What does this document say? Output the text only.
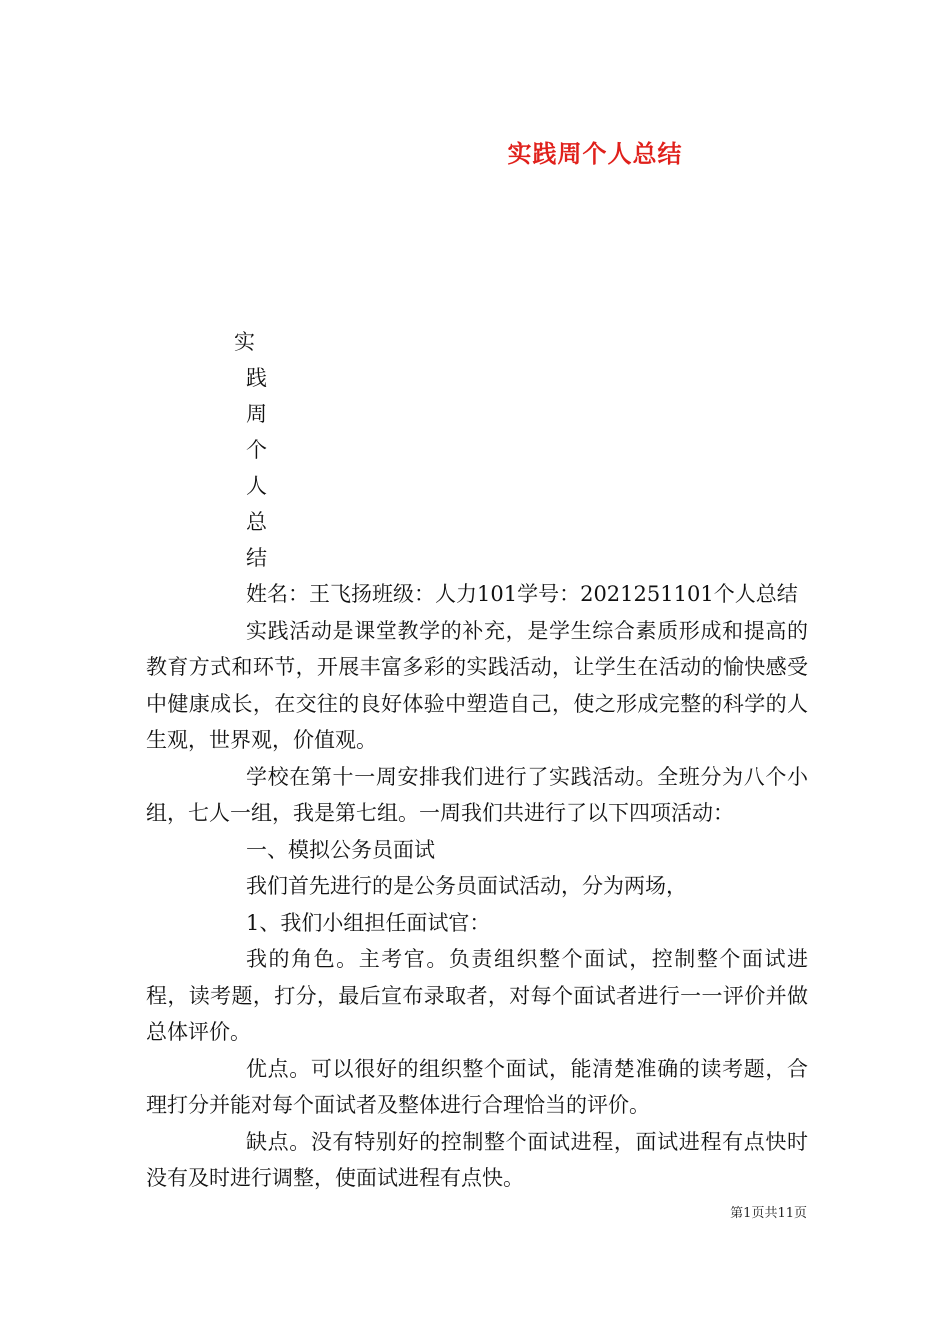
实践周个人总结
实
践
周
个
人
总
结

姓名：王飞扬班级：人力101学号：2021251101个人总结

实践活动是课堂教学的补充，是学生综合素质形成和提高的教育方式和环节，开展丰富多彩的实践活动，让学生在活动的愉快感受中健康成长，在交往的良好体验中塑造自己，使之形成完整的科学的人生观，世界观，价值观。

学校在第十一周安排我们进行了实践活动。全班分为八个小组，七人一组，我是第七组。一周我们共进行了以下四项活动：

一、模拟公务员面试

我们首先进行的是公务员面试活动，分为两场，

1、我们小组担任面试官：

我的角色。主考官。负责组织整个面试，控制整个面试进程，读考题，打分，最后宣布录取者，对每个面试者进行一一评价并做总体评价。

优点。可以很好的组织整个面试，能清楚准确的读考题，合理打分并能对每个面试者及整体进行合理恰当的评价。

缺点。没有特别好的控制整个面试进程，面试进程有点快时没有及时进行调整，使面试进程有点快。

第1页共11页
